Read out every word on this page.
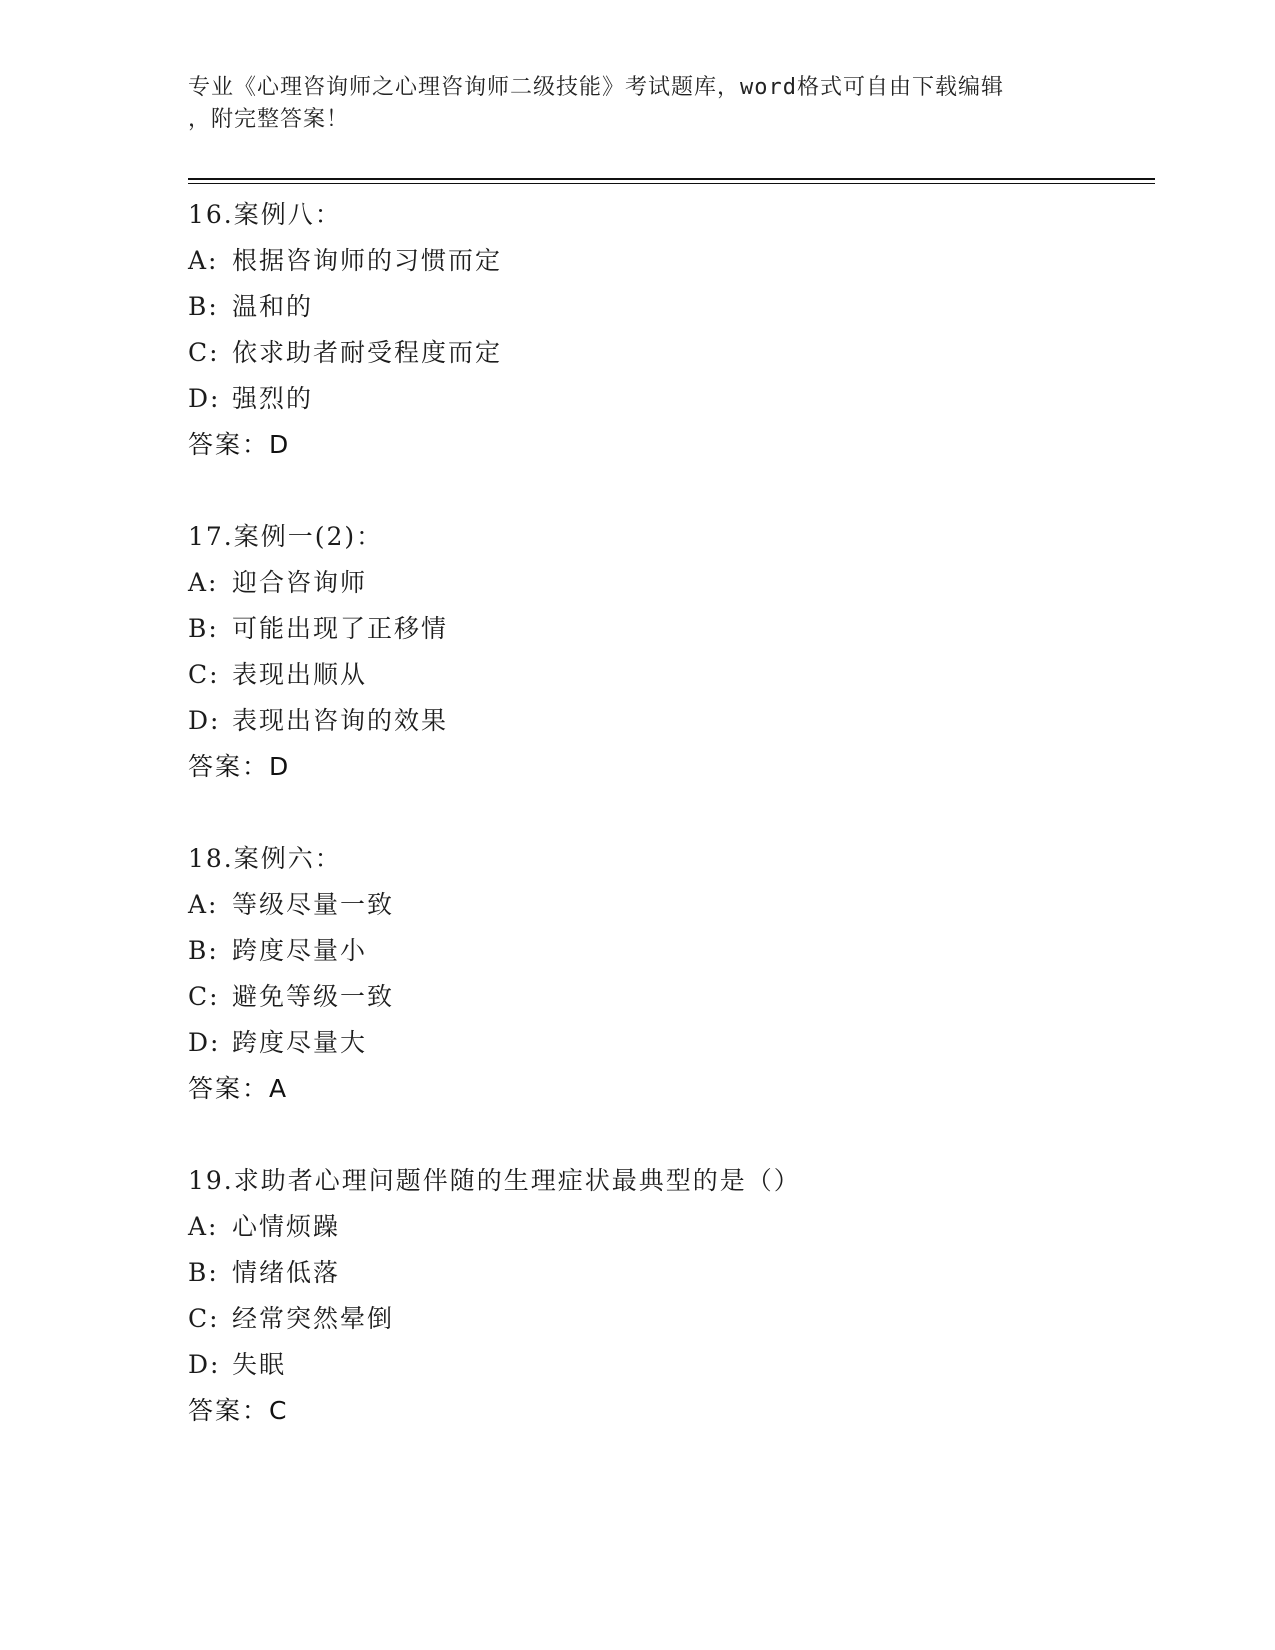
专业《心理咨询师之心理咨询师二级技能》考试题库，word格式可自由下载编辑
，附完整答案！
16.案例八：
A: 根据咨询师的习惯而定
B: 温和的
C: 依求助者耐受程度而定
D: 强烈的
答案：D
17.案例一(2)：
A: 迎合咨询师
B: 可能出现了正移情
C: 表现出顺从
D: 表现出咨询的效果
答案：D
18.案例六：
A: 等级尽量一致
B: 跨度尽量小
C: 避免等级一致
D: 跨度尽量大
答案：A
19.求助者心理问题伴随的生理症状最典型的是（）
A: 心情烦躁
B: 情绪低落
C: 经常突然晕倒
D: 失眠
答案：C
